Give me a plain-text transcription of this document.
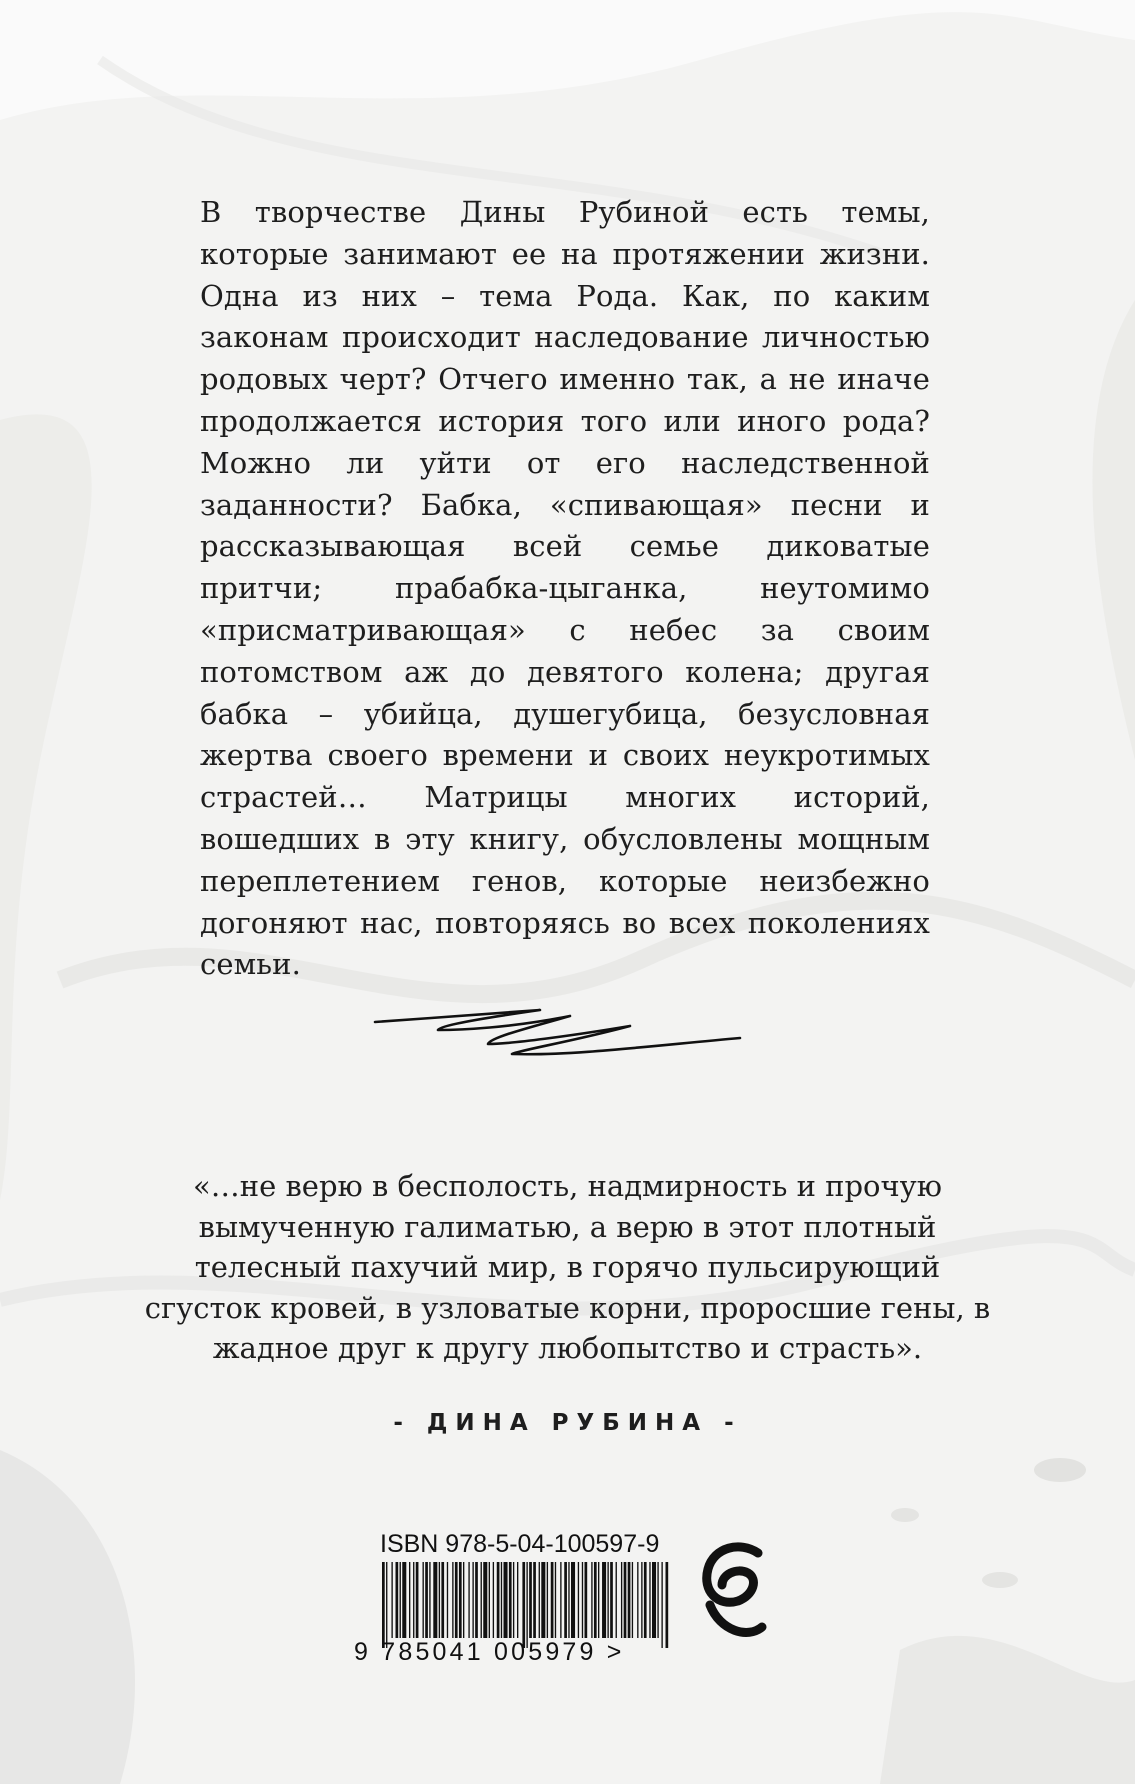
В творчестве Дины Рубиной есть темы, которые занимают ее на протяжении жизни. Одна из них – тема Рода. Как, по каким законам происходит наследование личностью родовых черт? Отчего именно так, а не иначе продолжается история того или иного рода? Можно ли уйти от его наследственной заданности? Бабка, «спивающая» песни и рассказывающая всей семье диковатые притчи; прабабка-цыганка, неутомимо «присматривающая» с небес за своим потомством аж до девятого колена; другая бабка – убийца, душегубица, безусловная жертва своего времени и своих неукротимых страстей… Матрицы многих историй, вошедших в эту книгу, обусловлены мощным переплетением генов, которые неизбежно догоняют нас, повторяясь во всех поколениях семьи.

«…не верю в бесполость, надмирность и прочую вымученную галиматью, а верю в этот плотный телесный пахучий мир, в горячо пульсирующий сгусток кровей, в узловатые корни, проросшие гены, в жадное друг к другу любопытство и страсть».

- ДИНА РУБИНА -
ISBN 978-5-04-100597-9
9 785041 005979 >
